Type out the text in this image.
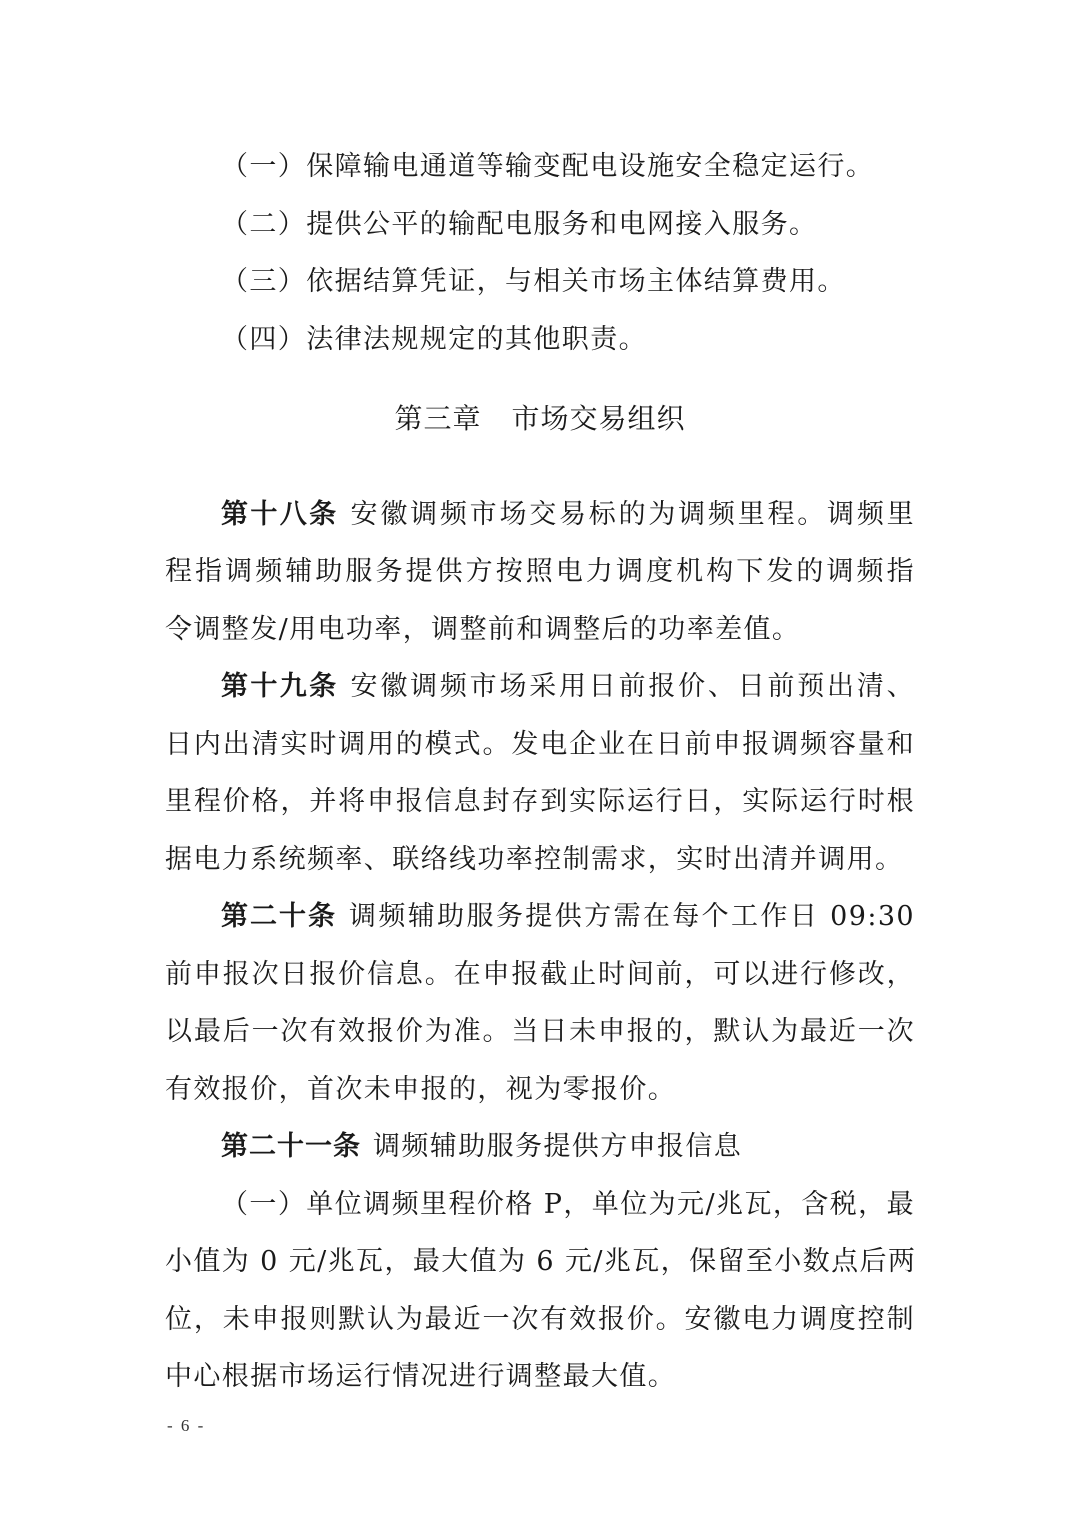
（一）保障输电通道等输变配电设施安全稳定运行。
（二）提供公平的输配电服务和电网接入服务。
（三）依据结算凭证，与相关市场主体结算费用。
（四）法律法规规定的其他职责。
第三章 市场交易组织
第十八条 安徽调频市场交易标的为调频里程。调频里
程指调频辅助服务提供方按照电力调度机构下发的调频指
令调整发/用电功率，调整前和调整后的功率差值。
第十九条 安徽调频市场采用日前报价、日前预出清、
日内出清实时调用的模式。发电企业在日前申报调频容量和
里程价格，并将申报信息封存到实际运行日，实际运行时根
据电力系统频率、联络线功率控制需求，实时出清并调用。
第二十条 调频辅助服务提供方需在每个工作日 09:30
前申报次日报价信息。在申报截止时间前，可以进行修改，
以最后一次有效报价为准。当日未申报的，默认为最近一次
有效报价，首次未申报的，视为零报价。
第二十一条 调频辅助服务提供方申报信息
（一）单位调频里程价格 P，单位为元/兆瓦，含税，最
小值为 0 元/兆瓦，最大值为 6 元/兆瓦，保留至小数点后两
位，未申报则默认为最近一次有效报价。安徽电力调度控制
中心根据市场运行情况进行调整最大值。
- 6 -
